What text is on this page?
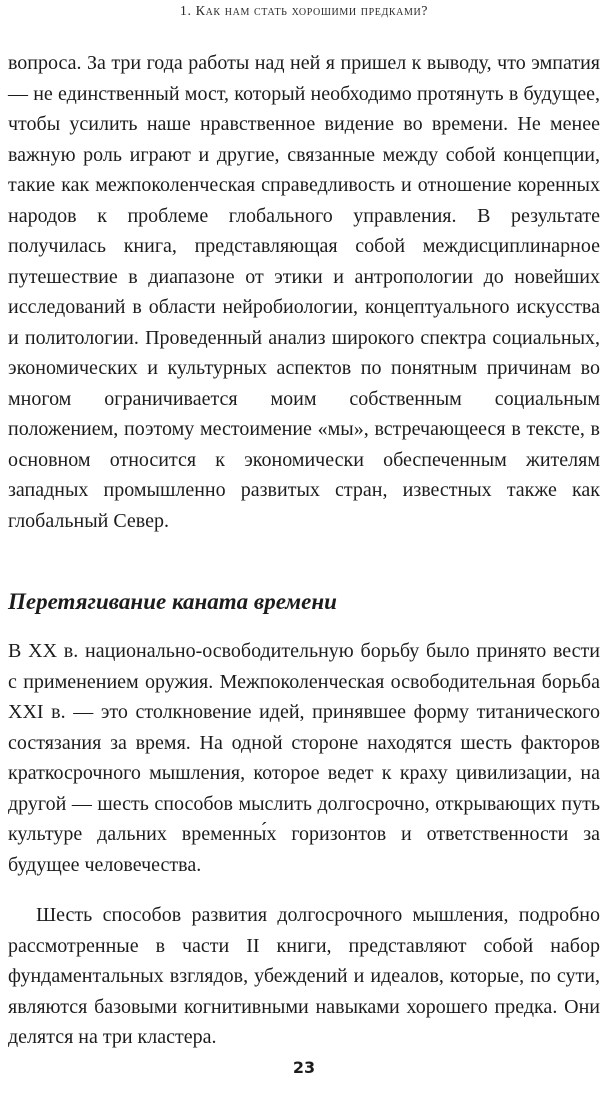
1. Как нам стать хорошими предками?
вопроса. За три года работы над ней я пришел к выводу, что эмпатия — не единственный мост, который необходимо протянуть в будущее, чтобы усилить наше нравственное видение во времени. Не менее важную роль играют и другие, связанные между собой концепции, такие как межпоколенческая справедливость и отношение коренных народов к проблеме глобального управления. В результате получилась книга, представляющая собой междисциплинарное путешествие в диапазоне от этики и антропологии до новейших исследований в области нейробиологии, концептуального искусства и политологии. Проведенный анализ широкого спектра социальных, экономических и культурных аспектов по понятным причинам во многом ограничивается моим собственным социальным положением, поэтому местоимение «мы», встречающееся в тексте, в основном относится к экономически обеспеченным жителям западных промышленно развитых стран, известных также как глобальный Север.
Перетягивание каната времени
В XX в. национально-освободительную борьбу было принято вести с применением оружия. Межпоколенческая освободительная борьба XXI в. — это столкновение идей, принявшее форму титанического состязания за время. На одной стороне находятся шесть факторов краткосрочного мышления, которое ведет к краху цивилизации, на другой — шесть способов мыслить долгосрочно, открывающих путь культуре дальних временны́х горизонтов и ответственности за будущее человечества.
Шесть способов развития долгосрочного мышления, подробно рассмотренные в части II книги, представляют собой набор фундаментальных взглядов, убеждений и идеалов, которые, по сути, являются базовыми когнитивными навыками хорошего предка. Они делятся на три кластера.
23
